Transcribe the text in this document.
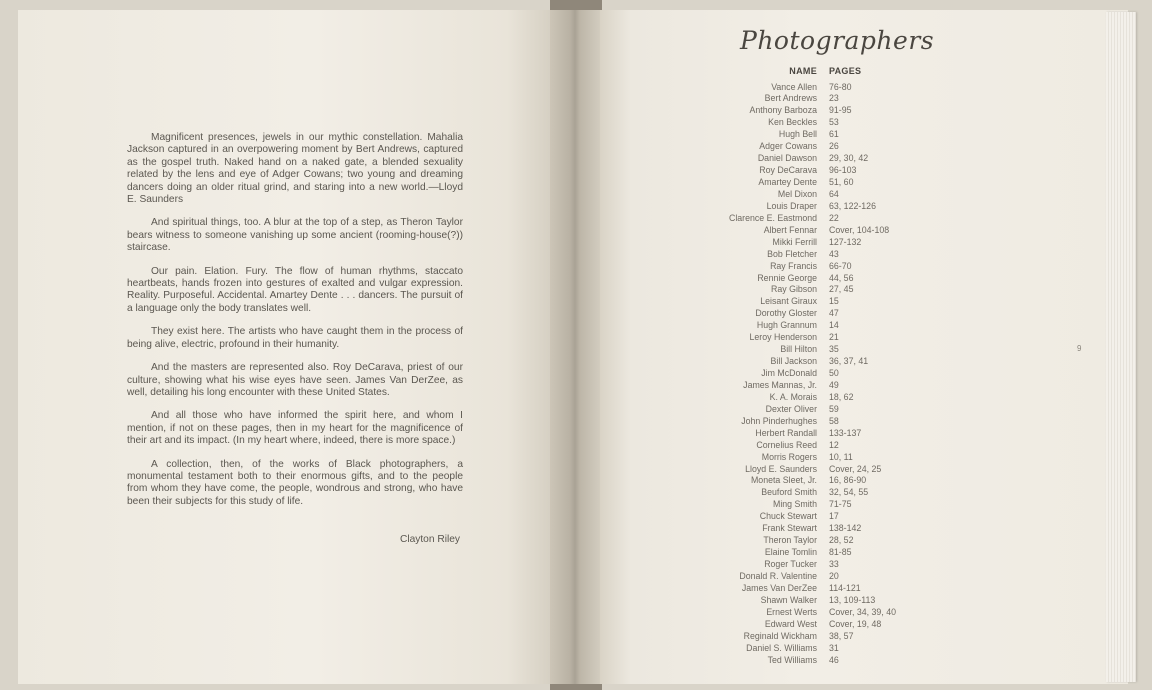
Magnificent presences, jewels in our mythic constellation. Mahalia Jackson captured in an overpowering moment by Bert Andrews, captured as the gospel truth. Naked hand on a naked gate, a blended sexuality related by the lens and eye of Adger Cowans; two young and dreaming dancers doing an older ritual grind, and staring into a new world.—Lloyd E. Saunders

And spiritual things, too. A blur at the top of a step, as Theron Taylor bears witness to someone vanishing up some ancient (rooming-house(?)) staircase.

Our pain. Elation. Fury. The flow of human rhythms, staccato heartbeats, hands frozen into gestures of exalted and vulgar expression. Reality. Purposeful. Accidental. Amartey Dente . . . dancers. The pursuit of a language only the body translates well.

They exist here. The artists who have caught them in the process of being alive, electric, profound in their humanity.

And the masters are represented also. Roy DeCarava, priest of our culture, showing what his wise eyes have seen. James Van DerZee, as well, detailing his long encounter with these United States.

And all those who have informed the spirit here, and whom I mention, if not on these pages, then in my heart for the magnificence of their art and its impact. (In my heart where, indeed, there is more space.)

A collection, then, of the works of Black photographers, a monumental testament both to their enormous gifts, and to the people from whom they have come, the people, wondrous and strong, who have been their subjects for this study of life.

Clayton Riley
Photographers
NAME PAGES
Vance Allen 76-80
Bert Andrews 23
Anthony Barboza 91-95
Ken Beckles 53
Hugh Bell 61
Adger Cowans 26
Daniel Dawson 29, 30, 42
Roy DeCarava 96-103
Amartey Dente 51, 60
Mel Dixon 64
Louis Draper 63, 122-126
Clarence E. Eastmond 22
Albert Fennar Cover, 104-108
Mikki Ferrill 127-132
Bob Fletcher 43
Ray Francis 66-70
Rennie George 44, 56
Ray Gibson 27, 45
Leisant Giraux 15
Dorothy Gloster 47
Hugh Grannum 14
Leroy Henderson 21
Bill Hilton 35
Bill Jackson 36, 37, 41
Jim McDonald 50
James Mannas, Jr. 49
K. A. Morais 18, 62
Dexter Oliver 59
John Pinderhughes 58
Herbert Randall 133-137
Cornelius Reed 12
Morris Rogers 10, 11
Lloyd E. Saunders Cover, 24, 25
Moneta Sleet, Jr. 16, 86-90
Beuford Smith 32, 54, 55
Ming Smith 71-75
Chuck Stewart 17
Frank Stewart 138-142
Theron Taylor 28, 52
Elaine Tomlin 81-85
Roger Tucker 33
Donald R. Valentine 20
James Van DerZee 114-121
Shawn Walker 13, 109-113
Ernest Werts Cover, 34, 39, 40
Edward West Cover, 19, 48
Reginald Wickham 38, 57
Daniel S. Williams 31
Ted Williams 46
9
